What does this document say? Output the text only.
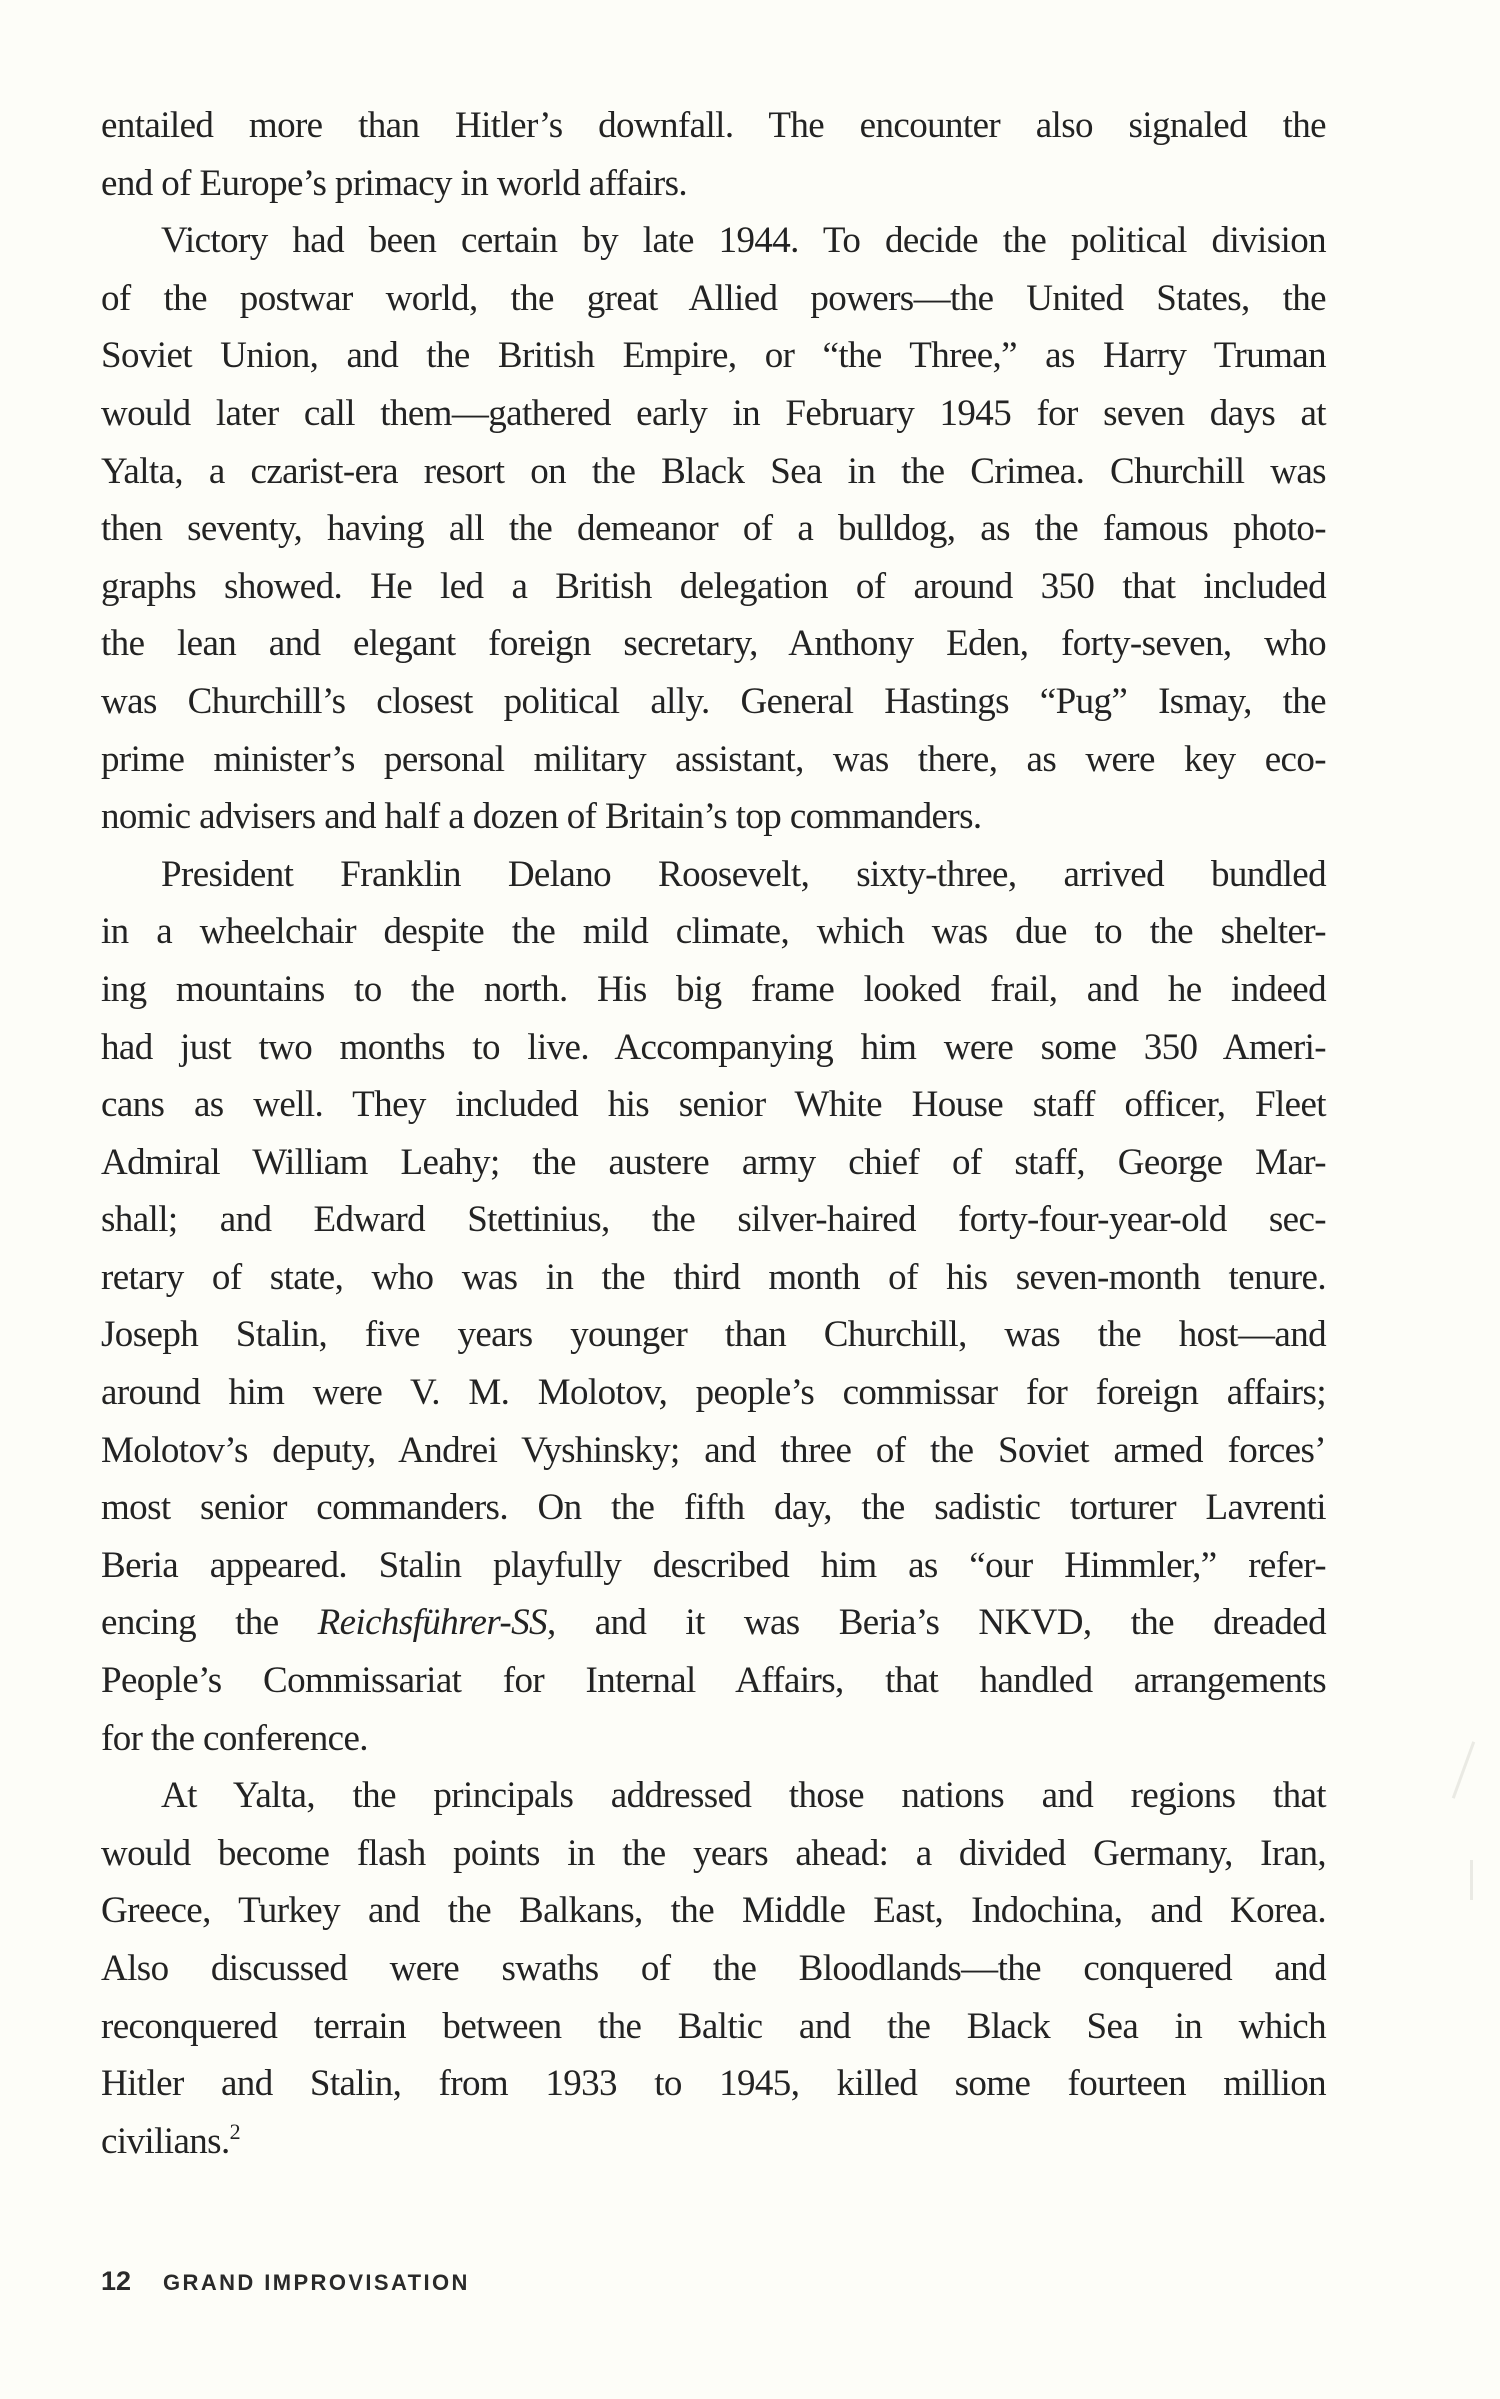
entailed more than Hitler’s downfall. The encounter also signaled the
end of Europe’s primacy in world affairs.
Victory had been certain by late 1944. To decide the political division
of the postwar world, the great Allied powers—the United States, the
Soviet Union, and the British Empire, or “the Three,” as Harry Truman
would later call them—gathered early in February 1945 for seven days at
Yalta, a czarist-era resort on the Black Sea in the Crimea. Churchill was
then seventy, having all the demeanor of a bulldog, as the famous photo-
graphs showed. He led a British delegation of around 350 that included
the lean and elegant foreign secretary, Anthony Eden, forty-seven, who
was Churchill’s closest political ally. General Hastings “Pug” Ismay, the
prime minister’s personal military assistant, was there, as were key eco-
nomic advisers and half a dozen of Britain’s top commanders.
President Franklin Delano Roosevelt, sixty-three, arrived bundled
in a wheelchair despite the mild climate, which was due to the shelter-
ing mountains to the north. His big frame looked frail, and he indeed
had just two months to live. Accompanying him were some 350 Ameri-
cans as well. They included his senior White House staff officer, Fleet
Admiral William Leahy; the austere army chief of staff, George Mar-
shall; and Edward Stettinius, the silver-haired forty-four-year-old sec-
retary of state, who was in the third month of his seven-month tenure.
Joseph Stalin, five years younger than Churchill, was the host—and
around him were V. M. Molotov, people’s commissar for foreign affairs;
Molotov’s deputy, Andrei Vyshinsky; and three of the Soviet armed forces’
most senior commanders. On the fifth day, the sadistic torturer Lavrenti
Beria appeared. Stalin playfully described him as “our Himmler,” refer-
encing the Reichsführer-SS, and it was Beria’s NKVD, the dreaded
People’s Commissariat for Internal Affairs, that handled arrangements
for the conference.
At Yalta, the principals addressed those nations and regions that
would become flash points in the years ahead: a divided Germany, Iran,
Greece, Turkey and the Balkans, the Middle East, Indochina, and Korea.
Also discussed were swaths of the Bloodlands—the conquered and
reconquered terrain between the Baltic and the Black Sea in which
Hitler and Stalin, from 1933 to 1945, killed some fourteen million
civilians.$^2$
12 GRAND IMPROVISATION
